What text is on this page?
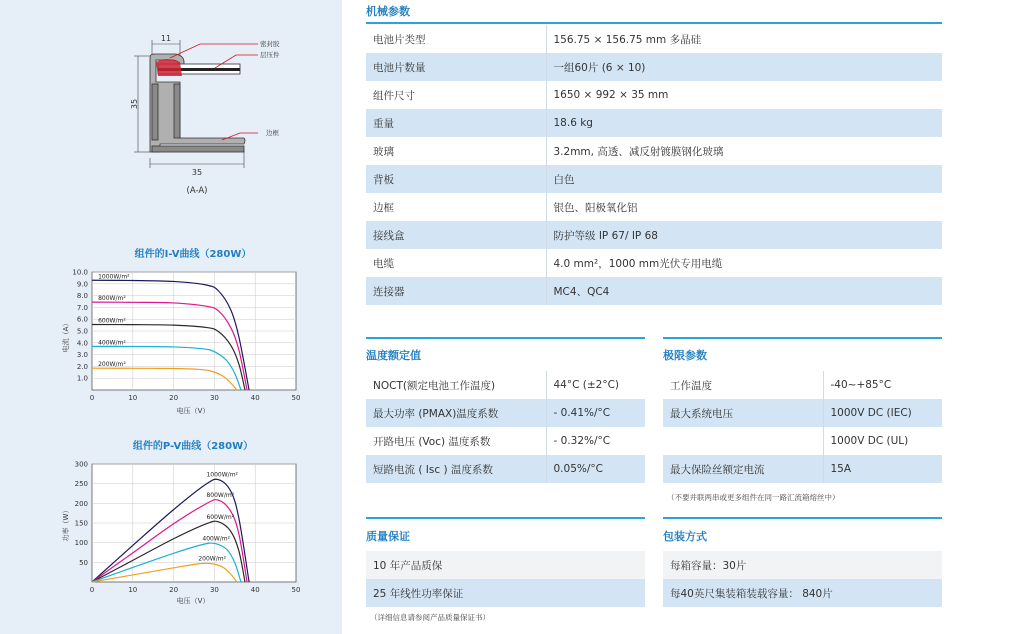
11
35
密封胶
层压件
边框
35
(A-A)
组件的I-V曲线（280W）
电流（A）
电压（V）
0	10	20	30	40	50
10.0
9.0
8.0
7.0
6.0
5.0
4.0
3.0
2.0
1.0
1000W/m²
800W/m²
600W/m²
400W/m²
200W/m²
组件的P-V曲线（280W）
功率（W）
电压（V）
0	10	20	30	40	50
300
250
200
150
100
50
1000W/m²
800W/m²
600W/m²
400W/m²
200W/m²
机械参数
电池片类型	156.75 × 156.75 mm 多晶硅
电池片数量	一组60片 (6 × 10)
组件尺寸	1650 × 992 × 35 mm
重量	18.6 kg
玻璃	3.2mm, 高透、减反射镀膜钢化玻璃
背板	白色
边框	银色、阳极氧化铝
接线盒	防护等级 IP 67/ IP 68
电缆	4.0 mm²，1000 mm光伏专用电缆
连接器	MC4、QC4
温度额定值
NOCT(额定电池工作温度)	44°C (±2°C)
最大功率 (PMAX)温度系数	- 0.41%/°C
开路电压 (Voc) 温度系数	- 0.32%/°C
短路电流 ( Isc ) 温度系数	0.05%/°C
极限参数
工作温度	-40~+85°C
最大系统电压	1000V DC (IEC)
	1000V DC (UL)
最大保险丝额定电流	15A
（不要并联两串或更多组件在同一路汇流箱熔丝中）
质量保证
10 年产品质保
25 年线性功率保证
（详细信息请参阅产品质量保证书）
包装方式
每箱容量：30片
每40英尺集装箱装载容量： 840片
